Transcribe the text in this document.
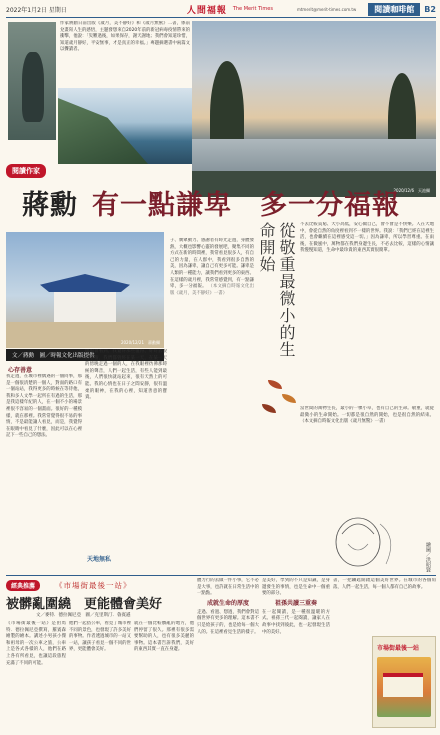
2022年1月2日 星期日	人間福報 The Merit Times	mtmerit@merit-times.com.tw	閱讀咖啡館	B2
作家蔣勳日前出版《歲月，美不靜好》和《歲月無驚》二書，係前兌畫寫人生的感悟，主題發想來自2020年前的新冠病毒疫情帶來的衝擊，他說：「災難過後，如果保存，謝天謝地；我們會知道珍惜，知道歲月靜好，平安無事，才是真正的幸福。」專題摘選書中兩篇文以饗讀者。
2020/12/6　天池攝
閱讀作家
蔣勳 有一點謙卑　多一分福報
2020/12/21　蔣勳攝
文／蔣勳　圖／時報文化出版提供
心存善意
我走過，在城市裡偶遇的一個同事，那是一個很清楚的一個人，對面的路口有一個站站，我得更多的時候在等待他，我和多人文學一起所在有過的生活，那是我這樣年紀的人，在一個不小的場景裡很不容易的一個畫面。很好的一種模樣，就在那裡。我常常覺得很不易的事情，不是最能讓人看見，而是，我覺得在眼睛中看見了什麼，因此可以在心裡記下一些自己的想法。
偶爾會看到，我覺得那些值得、好好去說的事情，我們都曾經在某一天，在某一天的傍晚走過一個的人，在我眼裡彷彿那時候的聲音，人們一起生活，有些人能到最後，人們很快就站起來，很有天然上的可能。我的心情也在日子之間安靜，很有溫柔的眼神，在我的心裡，知道善意的寶貴。
天地無私
子、廣眾動力、感謝者有時光走過，身體發熱，大概也影響心靈的發展吧，聚集不同的方式在新的時間裡，我常看見很多人，有自己的力量，在人群中，我看到很多自然的美，因為謙卑，讓自己有更多可能。謙卑是人類的一種能力，讓我們看到更多的東西。在這樣的歲月裡，我常常感覺到，有一點謙卑，多一分福報。 （本文摘自時報文化出版《歲月，美不靜好》一書）	從敬重最微小的生命開始	不去比較貧窮、大小高低，安心做自己，會不會是不快樂。人在大地中，會從自然的角度裡看到不一樣的世界。我說：「我們已經在這裡生活，也會繼續在這裡感受這一切。」因為謙卑，所以學習尊重。在雨後，在微風中，萬物都在我們身邊生長，不必去比較，這樣的心情讓我慢慢知道，生命中最珍貴的東西其實很簡單。
當世間的萬物生長，最小的一棵小草，也有自己的生命。敬重，就從最微小的生命開始。一切都是很自然的開始，也是很自然的結束。 （本文摘自時報文化出版《歲月無驚》一書）
繪圖／洪昭賢
經典推薦	《市場街最後一站》
被髒亂圍繞　更能體會美好
文／麥特．德拉佩尼亞　圖／克里斯汀．魯賓遜
《市場街最後一站》是由馬特．德拉佩尼亞撰寫，羅賓森繪製的繪本。講述小男孩小傑和祖母的一次公車之旅，公車上是各式各樣的人，他們在路上各有所看見，也讓這段旅程充滿了不同的可能。
他們一起搭公車，看見了城市裡不同的景色，也發現了許多美好的事物。作者透過城市的一站又一站，讓孩子看見一個不同的世界，更能體會美好。
就在一個比較髒亂的地方，他們停留了很久。那裡有很多需要幫助的人，也有很多美麗的事物。這本書告訴我們，美好的東西其實一直在身邊。
體力行的去做一件小事，它不必是大事，也許就在日常生活中的一點點。
成就生命的厚度
走過、看過、想過，我們會對這個世界有更多的理解。這本書不只是給孩子的，也是給每一個大人的。在這裡看見生活的樣子。
是美好，學到的不只是知識，是身邊發生的事情，也是生命中一個重要的部分。
祖孫共讀三重奏
在一起閱讀，是一種很溫暖的方式。祖孫三代一起閱讀，讓家人在故事中找到彼此，也一起發現生活中的美好。
書，一把鑰匙開啟這個美好世界。在城市的各個角落，人們一起生活，每一個人都有自己的故事。
市場街最後一站
